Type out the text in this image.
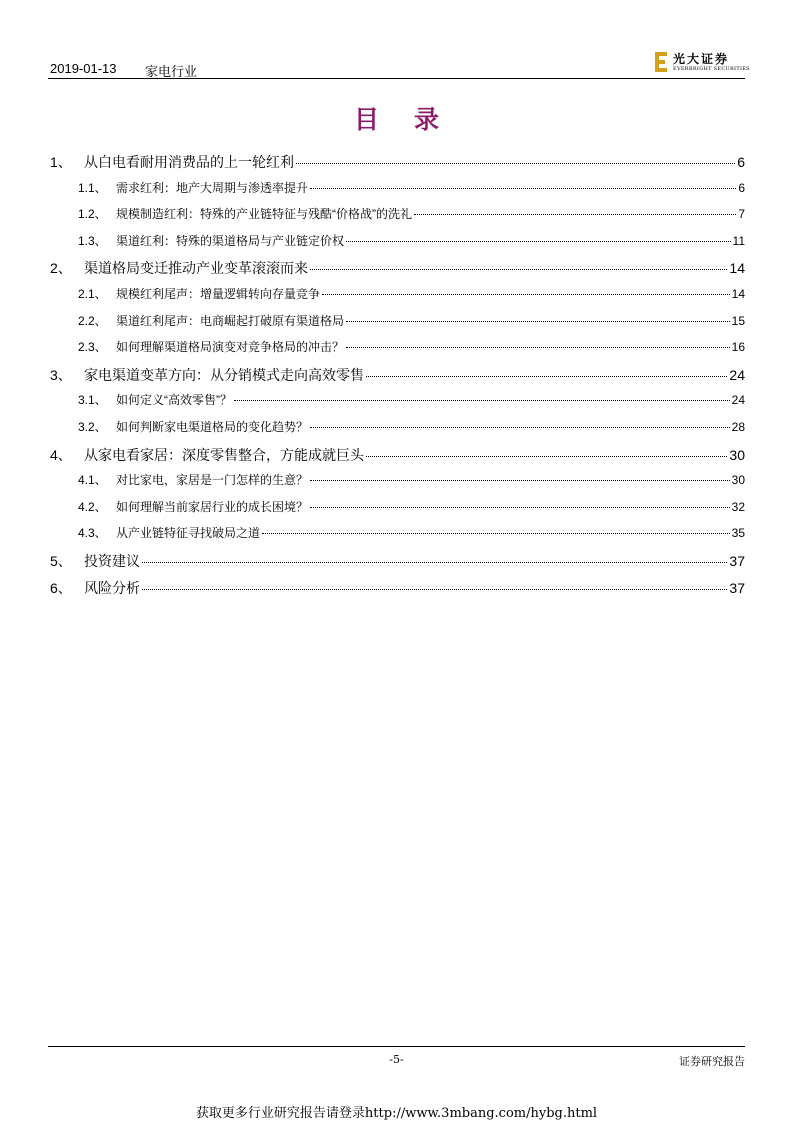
2019-01-13 家电行业
光大证券
EVERBRIGHT SECURITIES
目 录
1、 从白电看耐用消费品的上一轮红利	6
1.1、 需求红利：地产大周期与渗透率提升	6
1.2、 规模制造红利：特殊的产业链特征与残酷“价格战”的洗礼	7
1.3、 渠道红利：特殊的渠道格局与产业链定价权	11
2、 渠道格局变迁推动产业变革滚滚而来	14
2.1、 规模红利尾声：增量逻辑转向存量竞争	14
2.2、 渠道红利尾声：电商崛起打破原有渠道格局	15
2.3、 如何理解渠道格局演变对竞争格局的冲击？	16
3、 家电渠道变革方向：从分销模式走向高效零售	24
3.1、 如何定义“高效零售”？	24
3.2、 如何判断家电渠道格局的变化趋势？	28
4、 从家电看家居：深度零售整合，方能成就巨头	30
4.1、 对比家电，家居是一门怎样的生意？	30
4.2、 如何理解当前家居行业的成长困境？	32
4.3、 从产业链特征寻找破局之道	35
5、 投资建议	37
6、 风险分析	37
-5-	证券研究报告
获取更多行业研究报告请登录http://www.3mbang.com/hybg.html
